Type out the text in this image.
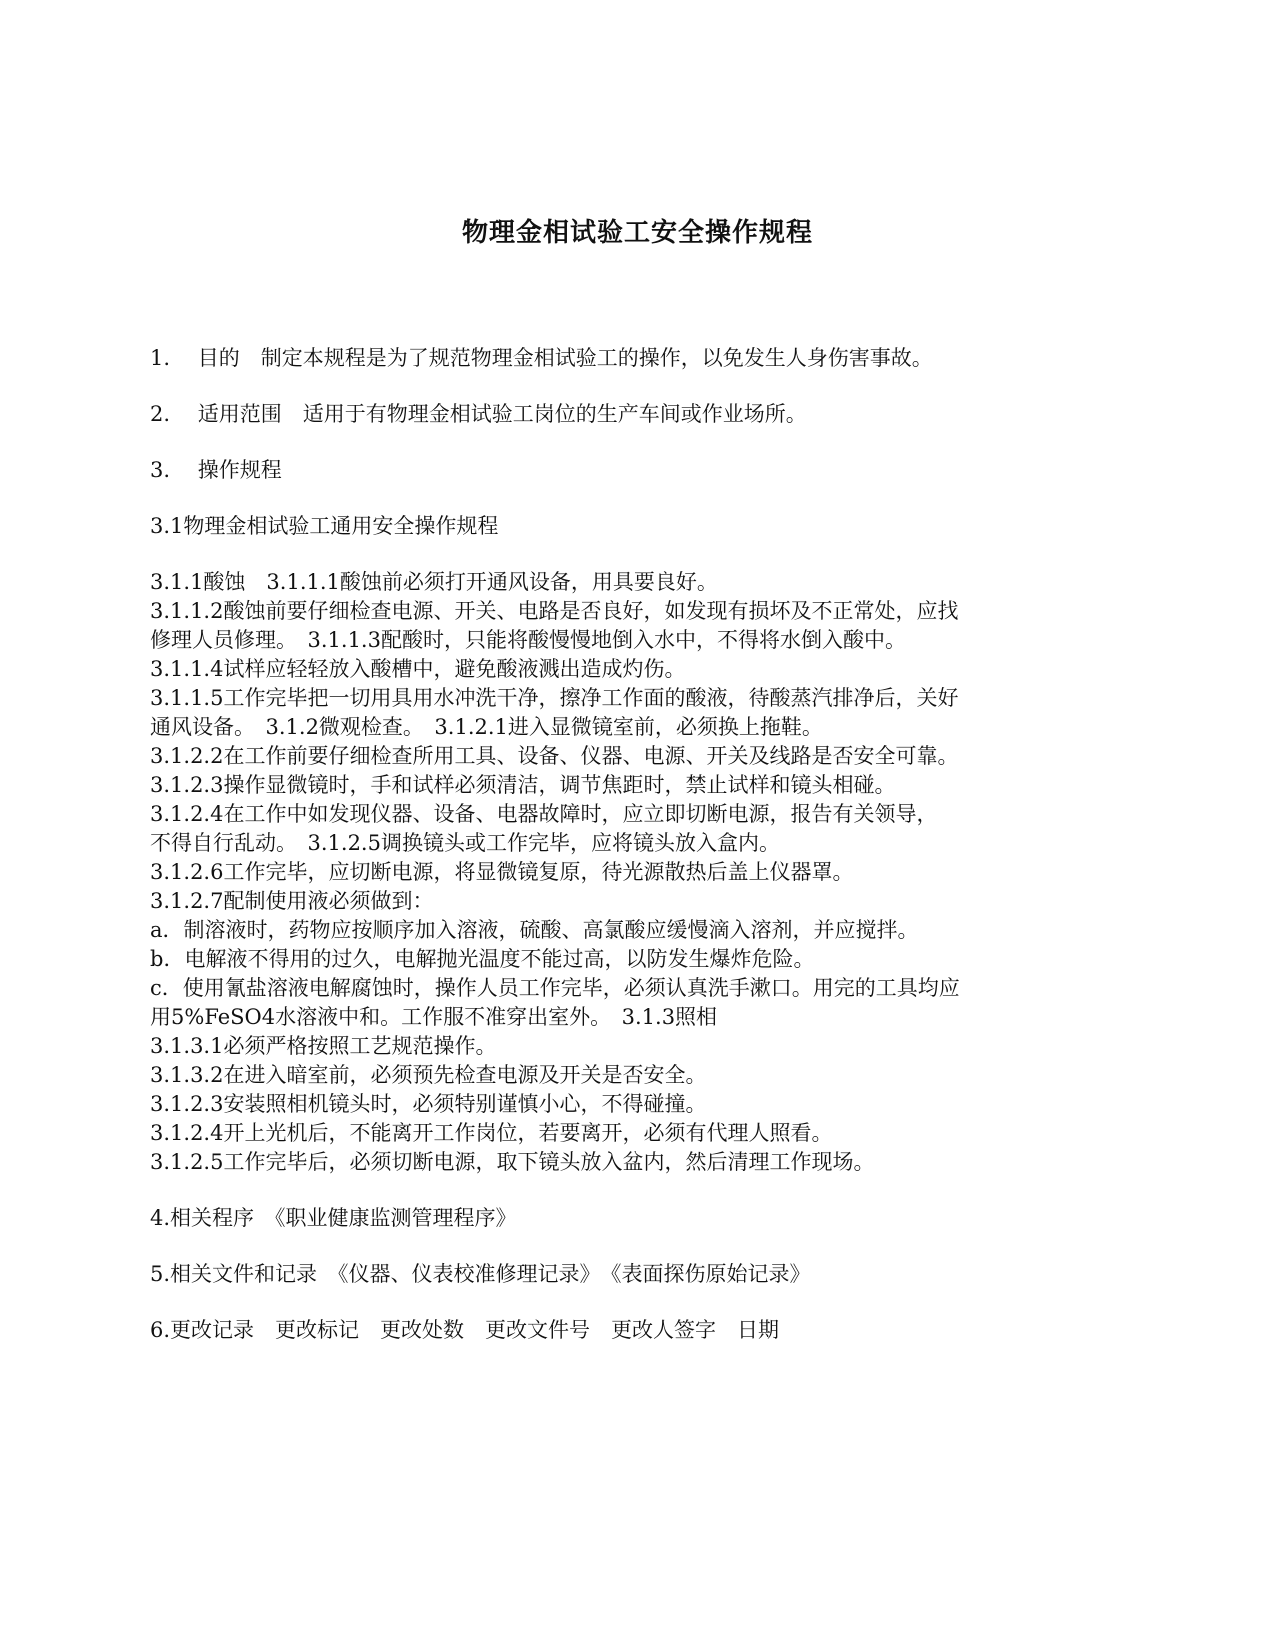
物理金相试验工安全操作规程

1.　 目的　制定本规程是为了规范物理金相试验工的操作，以免发生人身伤害事故。

2.　 适用范围　适用于有物理金相试验工岗位的生产车间或作业场所。

3.　 操作规程

3.1物理金相试验工通用安全操作规程

3.1.1酸蚀　3.1.1.1酸蚀前必须打开通风设备，用具要良好。

3.1.1.2酸蚀前要仔细检查电源、开关、电路是否良好，如发现有损坏及不正常处，应找

修理人员修理。　3.1.1.3配酸时，只能将酸慢慢地倒入水中，不得将水倒入酸中。

3.1.1.4试样应轻轻放入酸槽中，避免酸液溅出造成灼伤。

3.1.1.5工作完毕把一切用具用水冲洗干净，擦净工作面的酸液，待酸蒸汽排净后，关好

通风设备。　3.1.2微观检查。　3.1.2.1进入显微镜室前，必须换上拖鞋。

3.1.2.2在工作前要仔细检查所用工具、设备、仪器、电源、开关及线路是否安全可靠。

3.1.2.3操作显微镜时，手和试样必须清洁，调节焦距时，禁止试样和镜头相碰。

3.1.2.4在工作中如发现仪器、设备、电器故障时，应立即切断电源，报告有关领导，

不得自行乱动。　3.1.2.5调换镜头或工作完毕，应将镜头放入盒内。

3.1.2.6工作完毕，应切断电源，将显微镜复原，待光源散热后盖上仪器罩。

3.1.2.7配制使用液必须做到：

a．制溶液时，药物应按顺序加入溶液，硫酸、高氯酸应缓慢滴入溶剂，并应搅拌。

b．电解液不得用的过久，电解抛光温度不能过高，以防发生爆炸危险。

c．使用氰盐溶液电解腐蚀时，操作人员工作完毕，必须认真洗手漱口。用完的工具均应

用5%FeSO4水溶液中和。工作服不准穿出室外。　3.1.3照相

3.1.3.1必须严格按照工艺规范操作。

3.1.3.2在进入暗室前，必须预先检查电源及开关是否安全。

3.1.2.3安装照相机镜头时，必须特别谨慎小心，不得碰撞。

3.1.2.4开上光机后，不能离开工作岗位，若要离开，必须有代理人照看。

3.1.2.5工作完毕后，必须切断电源，取下镜头放入盆内，然后清理工作现场。

4.相关程序　《职业健康监测管理程序》

5.相关文件和记录　《仪器、仪表校准修理记录》　《表面探伤原始记录》

6.更改记录　更改标记　更改处数　更改文件号　更改人签字　日期
